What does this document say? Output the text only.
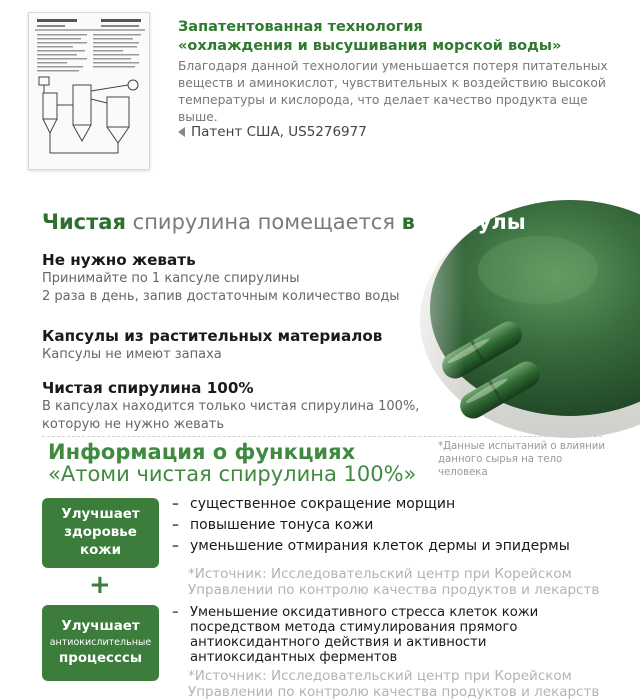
Запатентованная технология
«охлаждения и высушивания морской воды»
Благодаря данной технологии уменьшается потеря питательных веществ и аминокислот, чувствительных к воздействию высокой температуры и кислорода, что делает качество продукта еще выше.
Патент США, US5276977
Чистая спирулина помещается в капсулы
Не нужно жевать
Принимайте по 1 капсуле спирулины
2 раза в день, запив достаточным количество воды
Капсулы из растительных материалов
Капсулы не имеют запаха
Чистая спирулина 100%
В капсулах находится только чистая спирулина 100%,
которую не нужно жевать
Информация о функциях
«Атоми чистая спирулина 100%»
*Данные испытаний о влиянии данного сырья на тело человека
Улучшает
здоровье
кожи
+
Улучшает
антиокислительные
процесссы
– существенное сокращение морщин
– повышение тонуса кожи
– уменьшение отмирания клеток дермы и эпидермы
*Источник: Исследовательский центр при Корейском
Управлении по контролю качества продуктов и лекарств
– Уменьшение оксидативного стресса клеток кожи посредством метода стимулирования прямого антиоксидантного действия и активности антиоксидантных ферментов
*Источник: Исследовательский центр при Корейском
Управлении по контролю качества продуктов и лекарств
